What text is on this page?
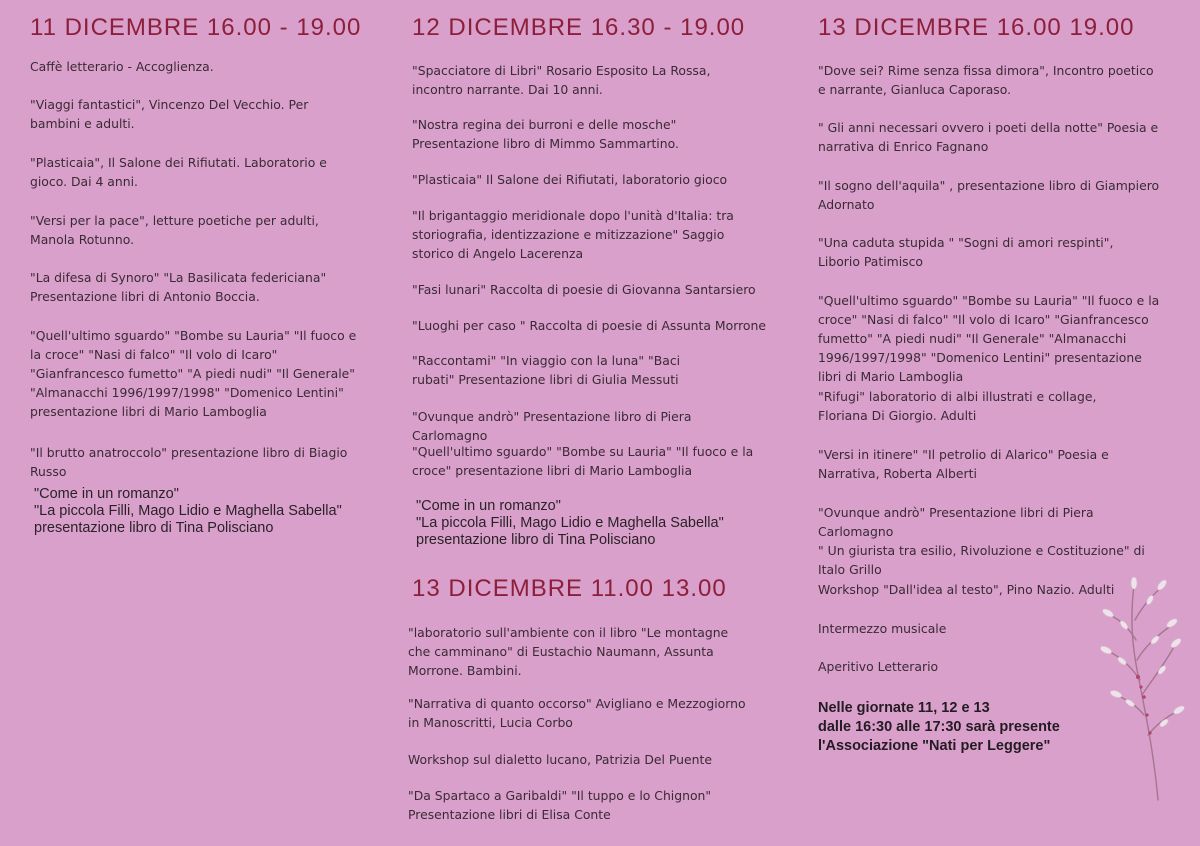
11 DICEMBRE 16.00 - 19.00
Caffè letterario - Accoglienza.
"Viaggi fantastici", Vincenzo Del Vecchio. Per bambini e adulti.
"Plasticaia", Il Salone dei Rifiutati. Laboratorio e gioco. Dai 4 anni.
"Versi per la pace", letture poetiche per adulti, Manola Rotunno.
"La difesa di Synoro" "La Basilicata federiciana" Presentazione libri di Antonio Boccia.
"Quell'ultimo sguardo" "Bombe su Lauria" "Il fuoco e la croce" "Nasi di falco" "Il volo di Icaro" "Gianfrancesco fumetto" "A piedi nudi" "Il Generale" "Almanacchi 1996/1997/1998" "Domenico Lentini" presentazione libri di Mario Lamboglia
"Il brutto anatroccolo" presentazione libro di Biagio Russo
"Come in un romanzo"
"La piccola Filli, Mago Lidio e Maghella Sabella"
presentazione libro di Tina Polisciano
12 DICEMBRE 16.30 - 19.00
"Spacciatore di Libri" Rosario Esposito La Rossa, incontro narrante. Dai 10 anni.
"Nostra regina dei burroni e delle mosche" Presentazione libro di Mimmo Sammartino.
"Plasticaia" Il Salone dei Rifiutati, laboratorio gioco
"Il brigantaggio meridionale dopo l'unità d'Italia: tra storiografia, identizzazione e mitizzazione" Saggio storico di Angelo Lacerenza
"Fasi lunari" Raccolta di poesie di Giovanna Santarsiero
"Luoghi per caso " Raccolta di poesie di Assunta Morrone
"Raccontami" "In viaggio con la luna" "Baci rubati" Presentazione libri di Giulia Messuti
"Ovunque andrò" Presentazione libro di Piera Carlomagno
"Quell'ultimo sguardo" "Bombe su Lauria" "Il fuoco e la croce" presentazione libri di Mario Lamboglia
"Come in un romanzo"
"La piccola Filli, Mago Lidio e Maghella Sabella"
presentazione libro di Tina Polisciano
13 DICEMBRE 11.00 13.00
"laboratorio sull'ambiente con il libro "Le montagne che camminano" di Eustachio Naumann, Assunta Morrone. Bambini.
"Narrativa di quanto occorso" Avigliano e Mezzogiorno in Manoscritti, Lucia Corbo
Workshop sul dialetto lucano, Patrizia Del Puente
"Da Spartaco a Garibaldi" "Il tuppo e lo Chignon" Presentazione libri di Elisa Conte
13 DICEMBRE 16.00 19.00
"Dove sei? Rime senza fissa dimora", Incontro poetico e narrante, Gianluca Caporaso.
" Gli anni necessari ovvero i poeti della notte" Poesia e narrativa di Enrico Fagnano
"Il sogno dell'aquila" , presentazione libro di Giampiero Adornato
"Una caduta stupida " "Sogni di amori respinti",
Liborio Patimisco
"Quell'ultimo sguardo" "Bombe su Lauria" "Il fuoco e la croce" "Nasi di falco" "Il volo di Icaro" "Gianfrancesco fumetto" "A piedi nudi" "Il Generale" "Almanacchi 1996/1997/1998" "Domenico Lentini" presentazione libri di Mario Lamboglia
"Rifugi" laboratorio di albi illustrati e collage,
Floriana Di Giorgio. Adulti
"Versi in itinere" "Il petrolio di Alarico" Poesia e Narrativa, Roberta Alberti
"Ovunque andrò" Presentazione libri di Piera Carlomagno
" Un giurista tra esilio, Rivoluzione e Costituzione" di Italo Grillo
Workshop "Dall'idea al testo", Pino Nazio. Adulti
Intermezzo musicale
Aperitivo Letterario
Nelle giornate 11, 12 e 13
dalle 16:30 alle 17:30 sarà presente
l'Associazione "Nati per Leggere"
